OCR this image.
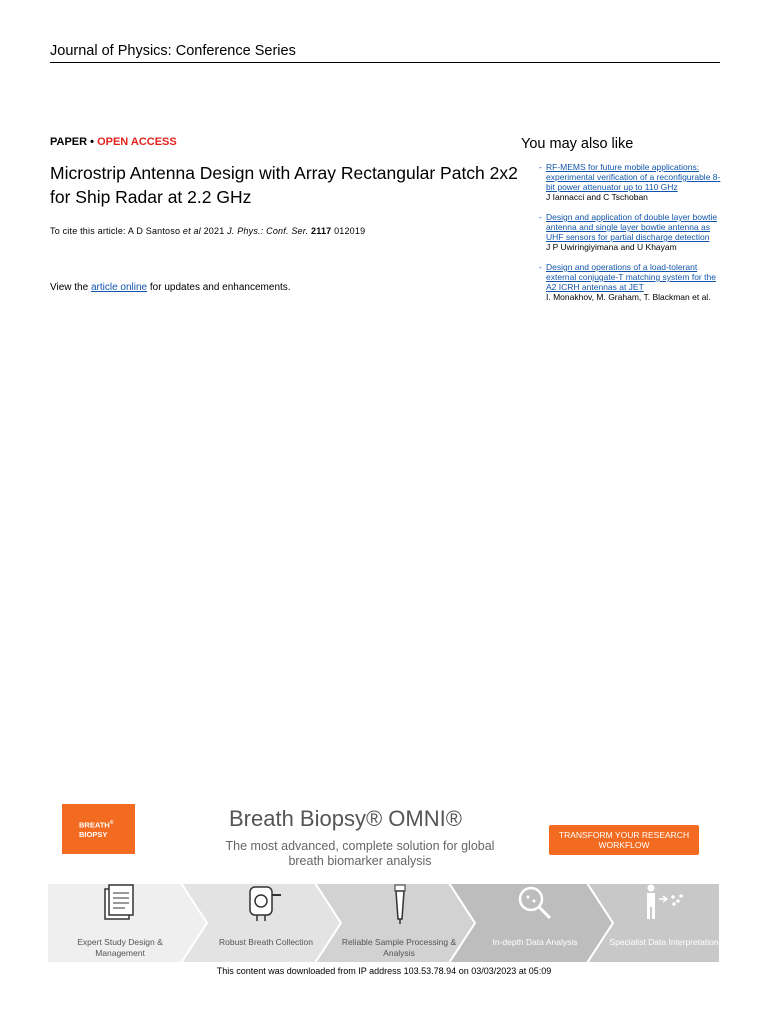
Journal of Physics: Conference Series
PAPER • OPEN ACCESS
Microstrip Antenna Design with Array Rectangular Patch 2x2 for Ship Radar at 2.2 GHz
To cite this article: A D Santoso et al 2021 J. Phys.: Conf. Ser. 2117 012019
View the article online for updates and enhancements.
You may also like
- RF-MEMS for future mobile applications: experimental verification of a reconfigurable 8-bit power attenuator up to 110 GHz
J Iannacci and C Tschoban
- Design and application of double layer bowtie antenna and single layer bowtie antenna as UHF sensors for partial discharge detection
J P Uwiringiyimana and U Khayam
- Design and operations of a load-tolerant external conjugate-T matching system for the A2 ICRH antennas at JET
I. Monakhov, M. Graham, T. Blackman et al.
BREATH®
BIOPSY
Breath Biopsy® OMNI®
The most advanced, complete solution for global breath biomarker analysis
TRANSFORM YOUR RESEARCH WORKFLOW
Expert Study Design & Management
Robust Breath Collection	Reliable Sample Processing & Analysis
In-depth Data Analysis	Specialist Data Interpretation
This content was downloaded from IP address 103.53.78.94 on 03/03/2023 at 05:09
